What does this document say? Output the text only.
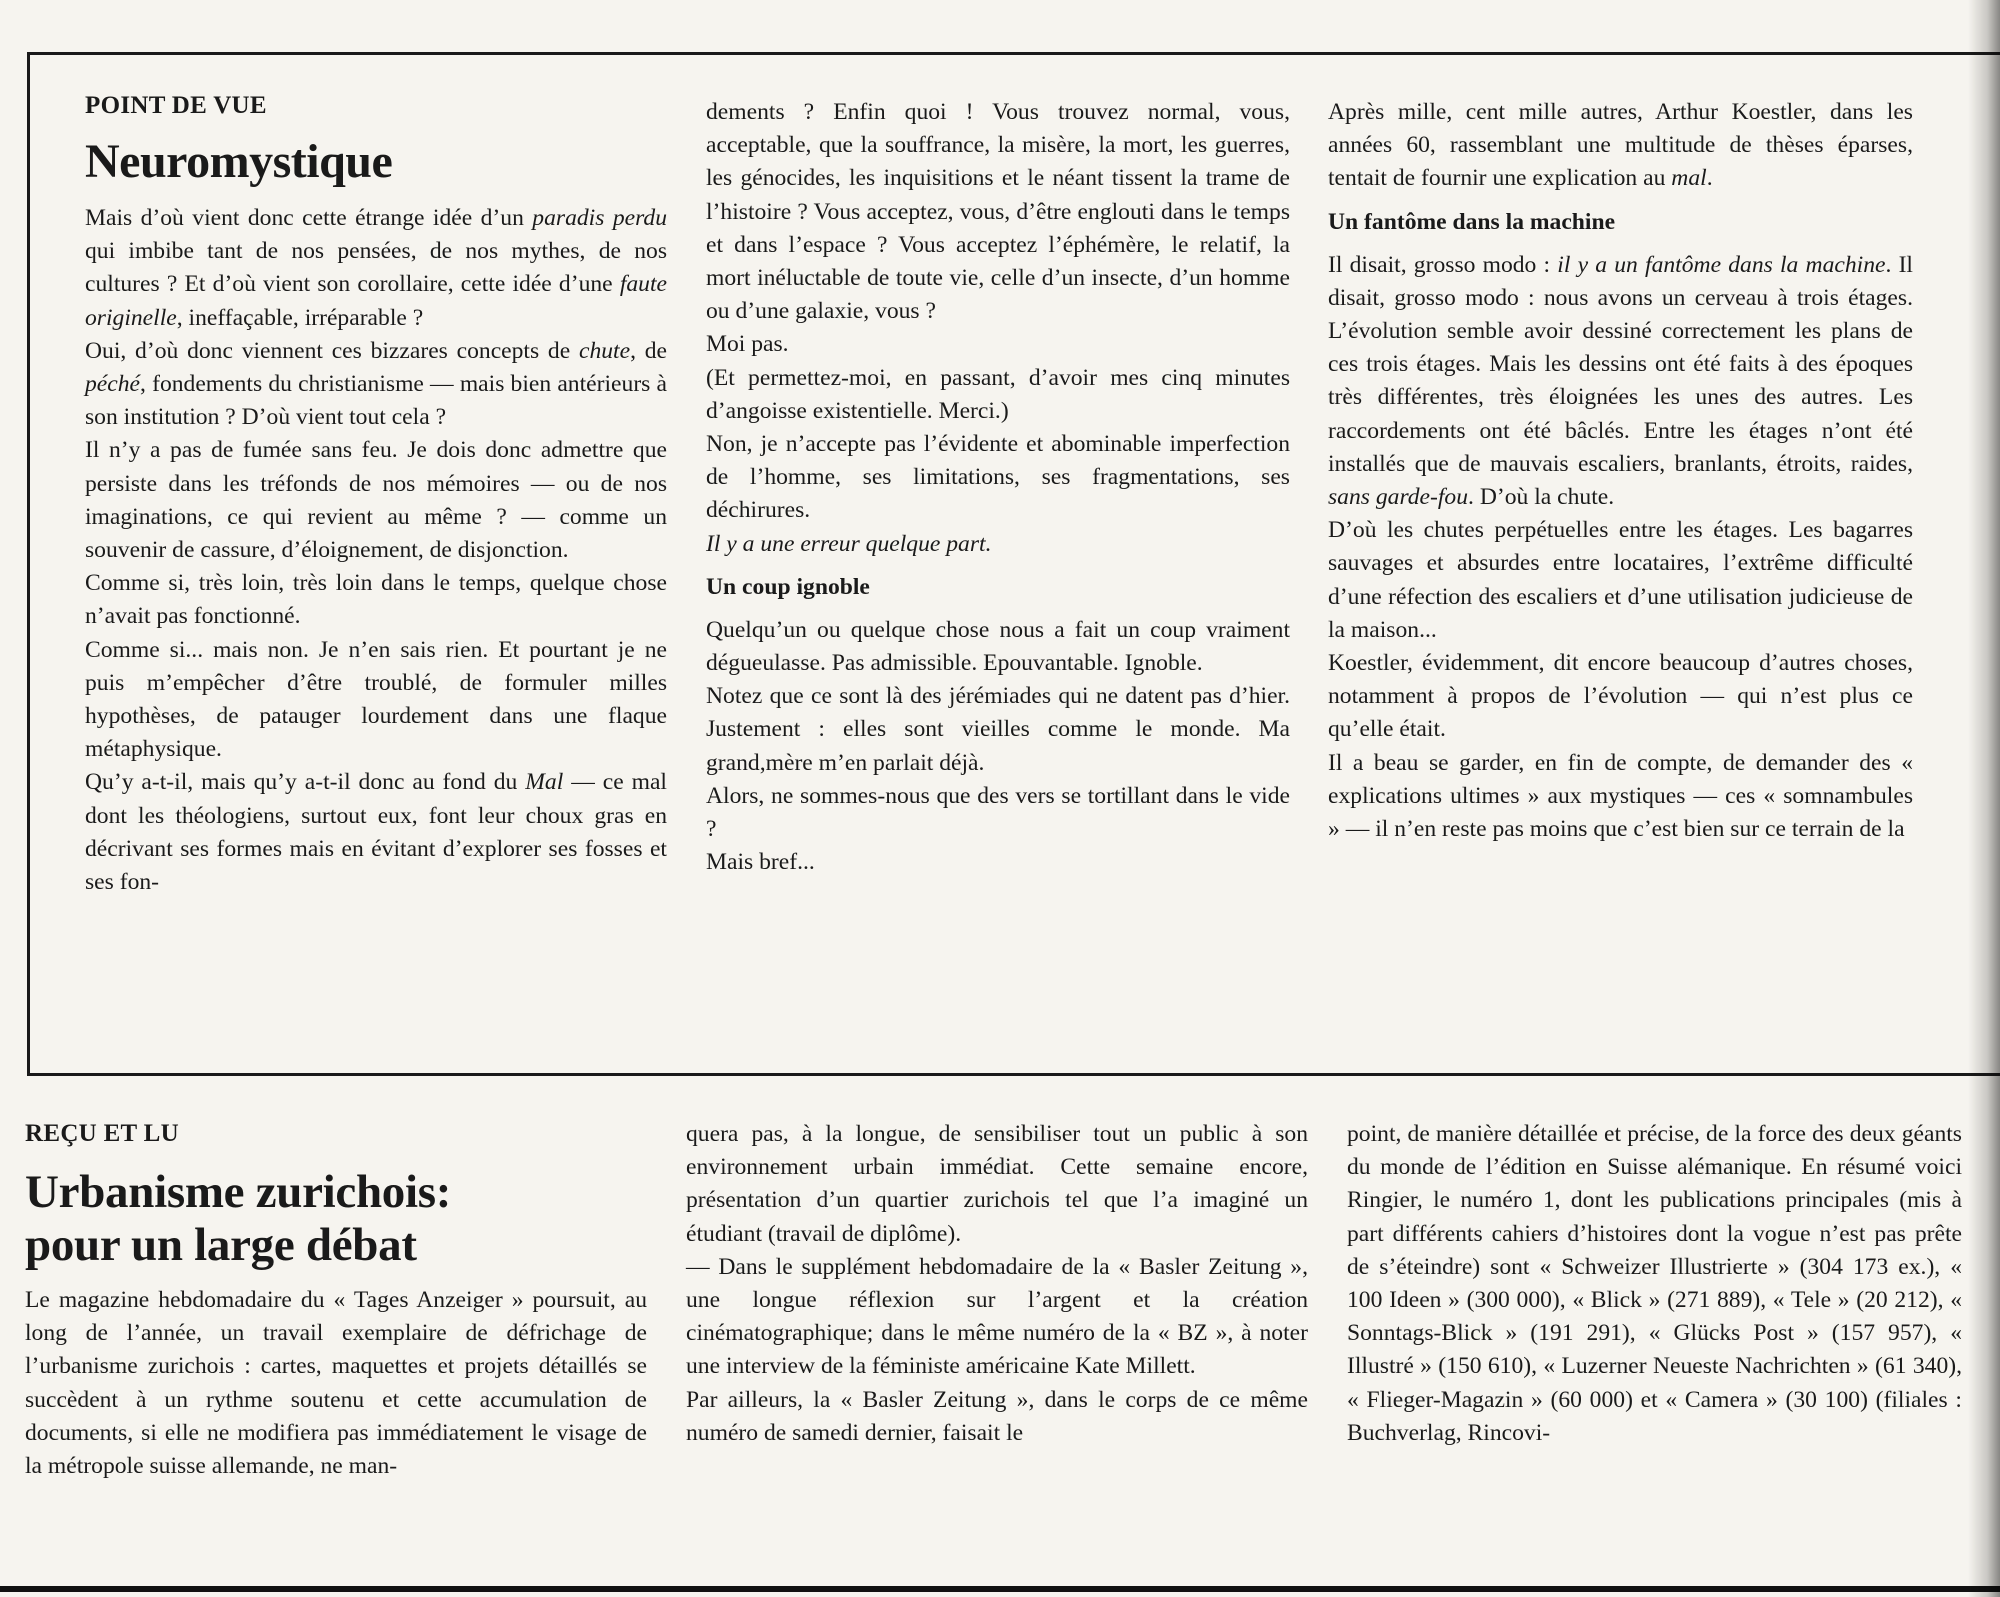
POINT DE VUE
Neuromystique

Mais d’où vient donc cette étrange idée d’un paradis perdu qui imbibe tant de nos pensées, de nos mythes, de nos cultures ? Et d’où vient son corollaire, cette idée d’une faute originelle, ineffaçable, irréparable ?

Oui, d’où donc viennent ces bizzares concepts de chute, de péché, fondements du christianisme — mais bien antérieurs à son institution ? D’où vient tout cela ?

Il n’y a pas de fumée sans feu. Je dois donc admettre que persiste dans les tréfonds de nos mémoires — ou de nos imaginations, ce qui revient au même ? — comme un souvenir de cassure, d’éloignement, de disjonction.

Comme si, très loin, très loin dans le temps, quelque chose n’avait pas fonctionné.

Comme si... mais non. Je n’en sais rien. Et pourtant je ne puis m’empêcher d’être troublé, de formuler milles hypothèses, de patauger lourdement dans une flaque métaphysique.

Qu’y a-t-il, mais qu’y a-t-il donc au fond du Mal — ce mal dont les théologiens, surtout eux, font leur choux gras en décrivant ses formes mais en évitant d’explorer ses fosses et ses fon-

dements ? Enfin quoi ! Vous trouvez normal, vous, acceptable, que la souffrance, la misère, la mort, les guerres, les génocides, les inquisitions et le néant tissent la trame de l’histoire ? Vous acceptez, vous, d’être englouti dans le temps et dans l’espace ? Vous acceptez l’éphémère, le relatif, la mort inéluctable de toute vie, celle d’un insecte, d’un homme ou d’une galaxie, vous ?

Moi pas.

(Et permettez-moi, en passant, d’avoir mes cinq minutes d’angoisse existentielle. Merci.)

Non, je n’accepte pas l’évidente et abominable imperfection de l’homme, ses limitations, ses fragmentations, ses déchirures.

Il y a une erreur quelque part.

Un coup ignoble

Quelqu’un ou quelque chose nous a fait un coup vraiment dégueulasse. Pas admissible. Epouvantable. Ignoble.

Notez que ce sont là des jérémiades qui ne datent pas d’hier. Justement : elles sont vieilles comme le monde. Ma grand,mère m’en parlait déjà.

Alors, ne sommes-nous que des vers se tortillant dans le vide ?

Mais bref...

Après mille, cent mille autres, Arthur Koestler, dans les années 60, rassemblant une multitude de thèses éparses, tentait de fournir une explication au mal.

Un fantôme dans la machine

Il disait, grosso modo : il y a un fantôme dans la machine. Il disait, grosso modo : nous avons un cerveau à trois étages. L’évolution semble avoir dessiné correctement les plans de ces trois étages. Mais les dessins ont été faits à des époques très différentes, très éloignées les unes des autres. Les raccordements ont été bâclés. Entre les étages n’ont été installés que de mauvais escaliers, branlants, étroits, raides, sans garde-fou. D’où la chute.

D’où les chutes perpétuelles entre les étages. Les bagarres sauvages et absurdes entre locataires, l’extrême difficulté d’une réfection des escaliers et d’une utilisation judicieuse de la maison...

Koestler, évidemment, dit encore beaucoup d’autres choses, notamment à propos de l’évolution — qui n’est plus ce qu’elle était.

Il a beau se garder, en fin de compte, de demander des « explications ultimes » aux mystiques — ces « somnambules » — il n’en reste pas moins que c’est bien sur ce terrain de la

REÇU ET LU
Urbanisme zurichois:
pour un large débat

Le magazine hebdomadaire du « Tages Anzeiger » poursuit, au long de l’année, un travail exemplaire de défrichage de l’urbanisme zurichois : cartes, maquettes et projets détaillés se succèdent à un rythme soutenu et cette accumulation de documents, si elle ne modifiera pas immédiatement le visage de la métropole suisse allemande, ne man-

quera pas, à la longue, de sensibiliser tout un public à son environnement urbain immédiat. Cette semaine encore, présentation d’un quartier zurichois tel que l’a imaginé un étudiant (travail de diplôme).

— Dans le supplément hebdomadaire de la « Basler Zeitung », une longue réflexion sur l’argent et la création cinématographique; dans le même numéro de la « BZ », à noter une interview de la féministe américaine Kate Millett.

Par ailleurs, la « Basler Zeitung », dans le corps de ce même numéro de samedi dernier, faisait le

point, de manière détaillée et précise, de la force des deux géants du monde de l’édition en Suisse alémanique. En résumé voici Ringier, le numéro 1, dont les publications principales (mis à part différents cahiers d’histoires dont la vogue n’est pas prête de s’éteindre) sont « Schweizer Illustrierte » (304 173 ex.), « 100 Ideen » (300 000), « Blick » (271 889), « Tele » (20 212), « Sonntags-Blick » (191 291), « Glücks Post » (157 957), « Illustré » (150 610), « Luzerner Neueste Nachrichten » (61 340), « Flieger-Magazin » (60 000) et « Camera » (30 100) (filiales : Buchverlag, Rincovi-
